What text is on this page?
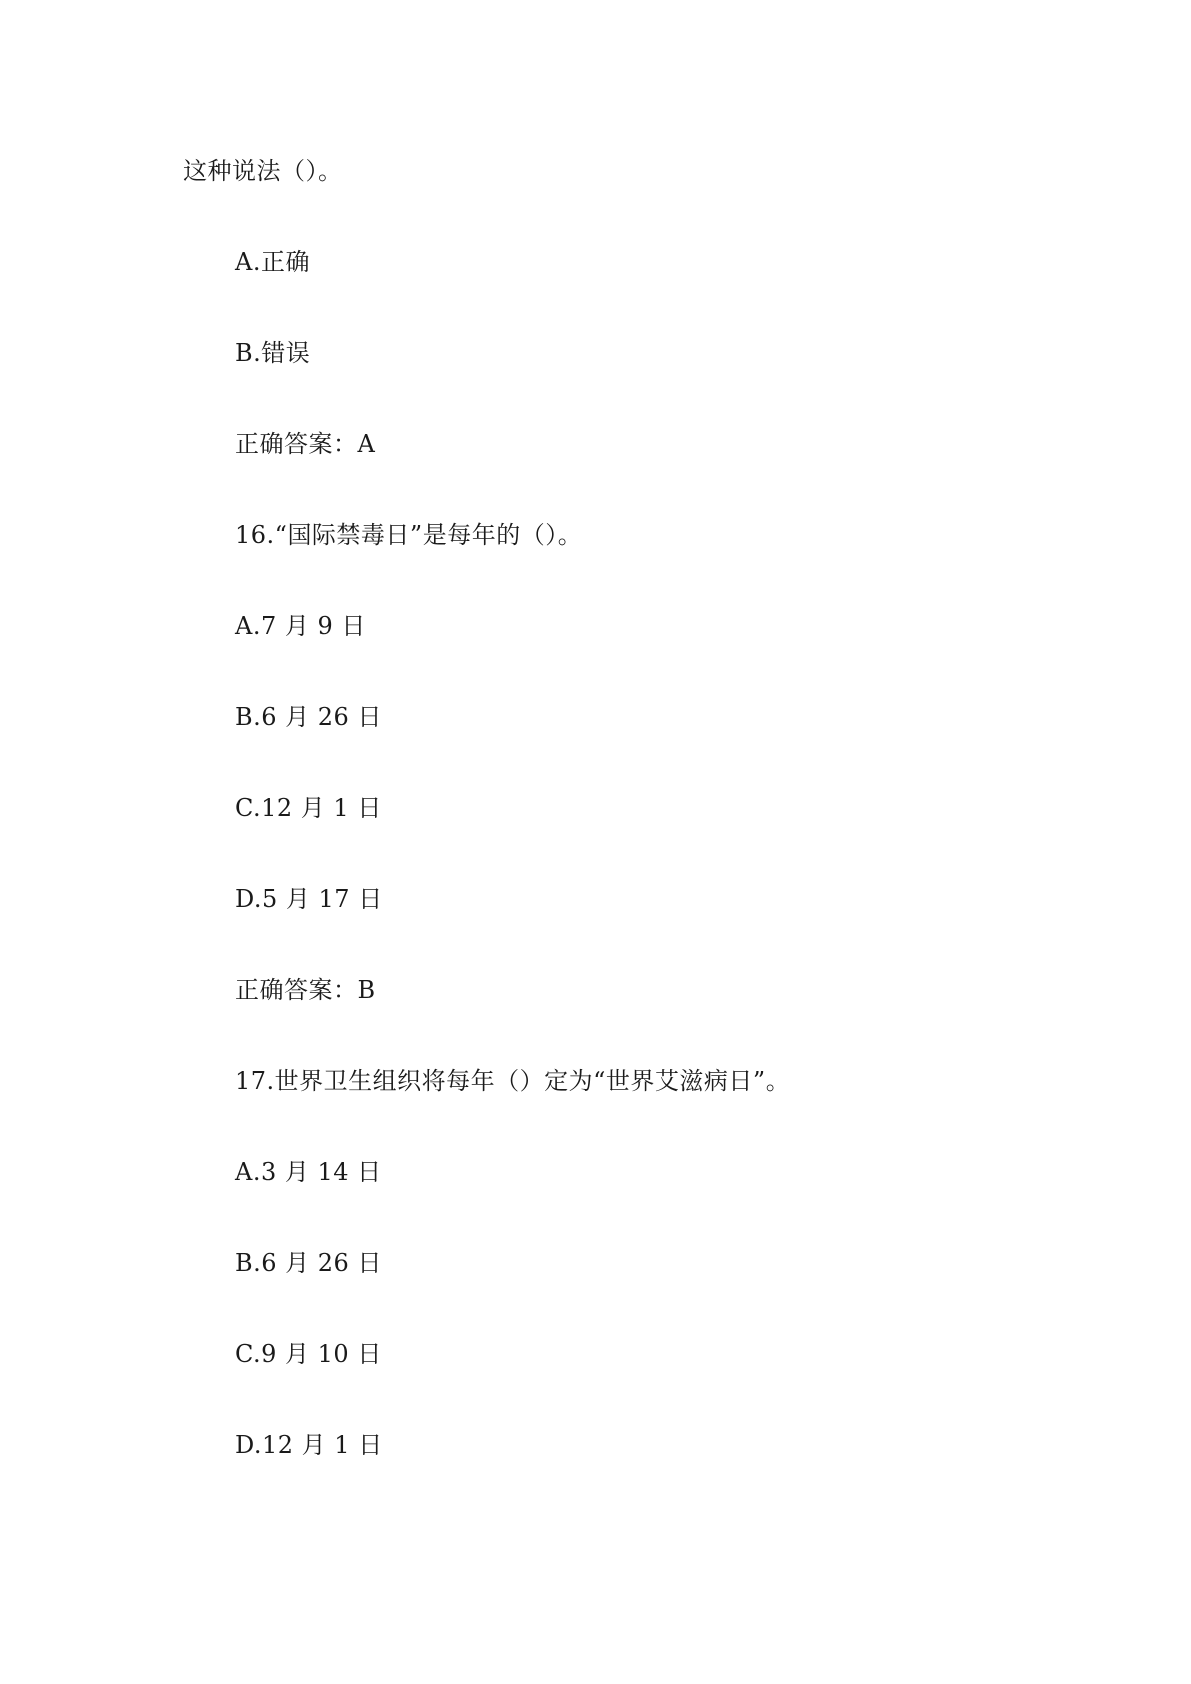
这种说法（）。
A.正确
B.错误
正确答案：A
16.“国际禁毒日”是每年的（）。
A.7 月 9 日
B.6 月 26 日
C.12 月 1 日
D.5 月 17 日
正确答案：B
17.世界卫生组织将每年（）定为“世界艾滋病日”。
A.3 月 14 日
B.6 月 26 日
C.9 月 10 日
D.12 月 1 日
